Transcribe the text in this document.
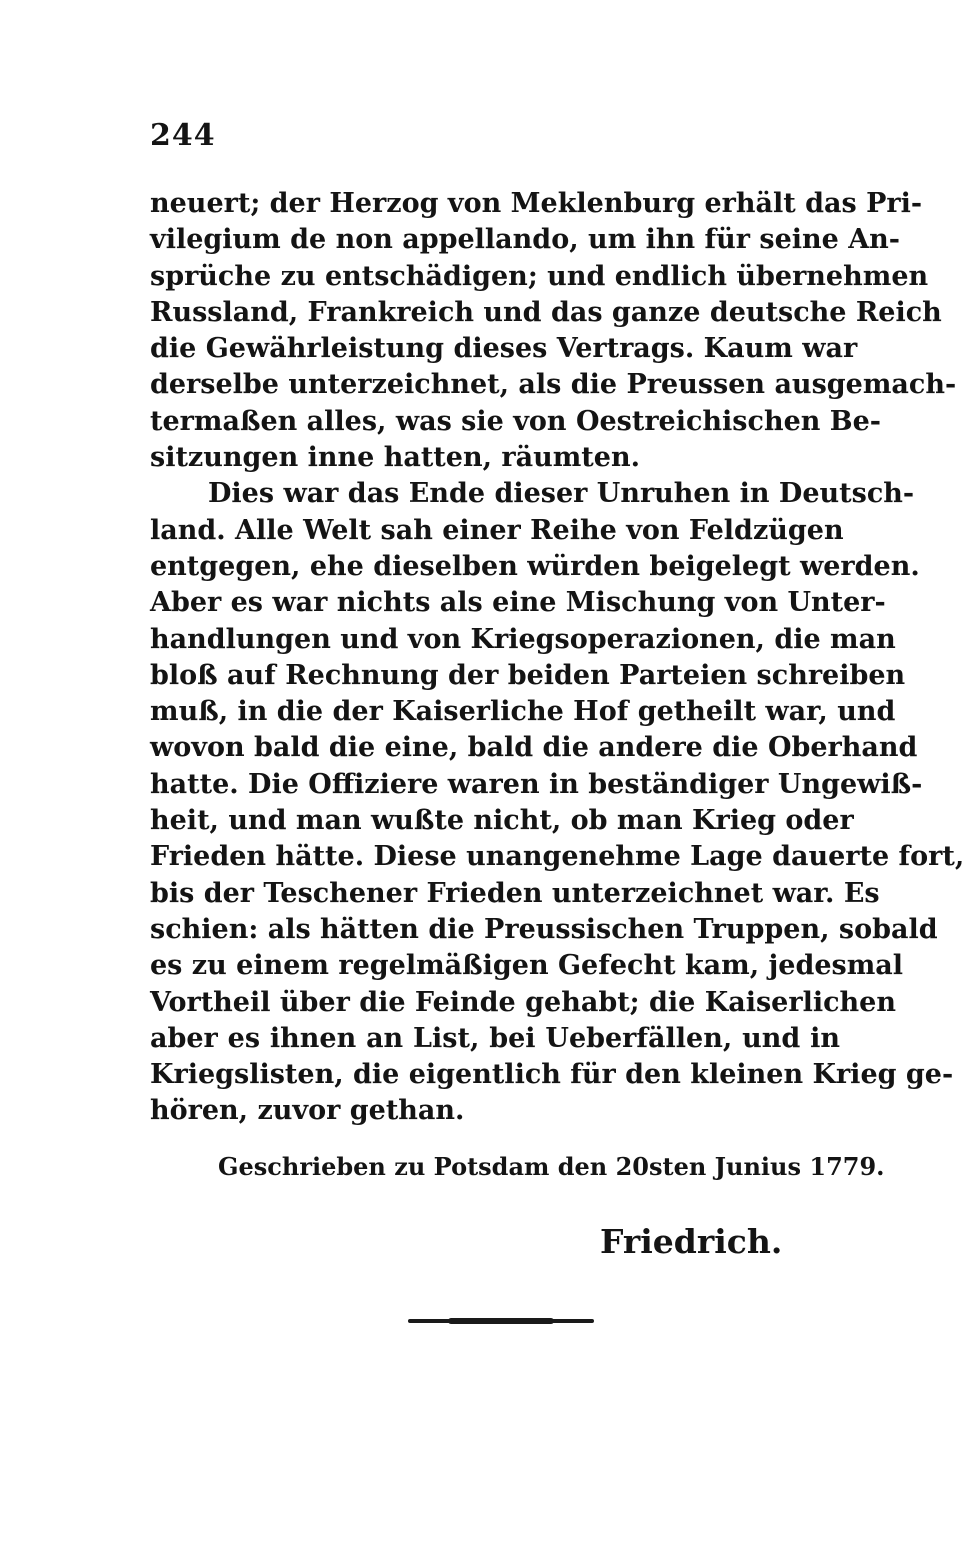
244
neuert; der Herzog von Meklenburg erhält das Pri-
vilegium de non appellando, um ihn für seine An-
sprüche zu entschädigen; und endlich übernehmen
Russland, Frankreich und das ganze deutsche Reich
die Gewährleistung dieses Vertrags. Kaum war
derselbe unterzeichnet, als die Preussen ausgemach-
termaßen alles, was sie von Oestreichischen Be-
sitzungen inne hatten, räumten.
Dies war das Ende dieser Unruhen in Deutsch-
land. Alle Welt sah einer Reihe von Feldzügen
entgegen, ehe dieselben würden beigelegt werden.
Aber es war nichts als eine Mischung von Unter-
handlungen und von Kriegsoperazionen, die man
bloß auf Rechnung der beiden Parteien schreiben
muß, in die der Kaiserliche Hof getheilt war, und
wovon bald die eine, bald die andere die Oberhand
hatte. Die Offiziere waren in beständiger Ungewiß-
heit, und man wußte nicht, ob man Krieg oder
Frieden hätte. Diese unangenehme Lage dauerte fort,
bis der Teschener Frieden unterzeichnet war. Es
schien: als hätten die Preussischen Truppen, sobald
es zu einem regelmäßigen Gefecht kam, jedesmal
Vortheil über die Feinde gehabt; die Kaiserlichen
aber es ihnen an List, bei Ueberfällen, und in
Kriegslisten, die eigentlich für den kleinen Krieg ge-
hören, zuvor gethan.
Geschrieben zu Potsdam den 20sten Junius 1779.
Friedrich.
